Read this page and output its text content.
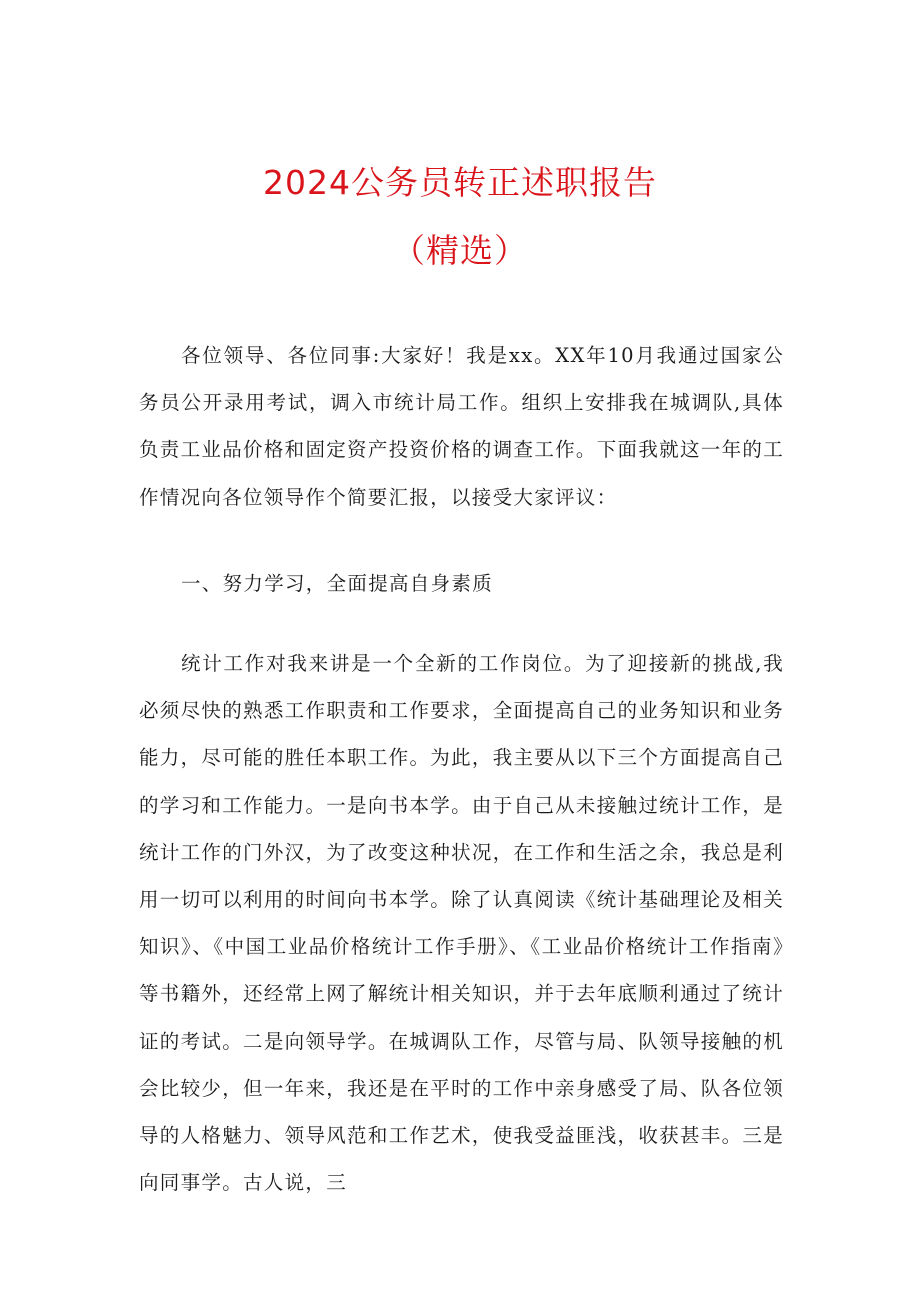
2024公务员转正述职报告
（精选）

各位领导、各位同事:大家好！我是xx。XX年10月我通过国家公务员公开录用考试，调入市统计局工作。组织上安排我在城调队,具体负责工业品价格和固定资产投资价格的调查工作。下面我就这一年的工作情况向各位领导作个简要汇报，以接受大家评议：

一、努力学习，全面提高自身素质

统计工作对我来讲是一个全新的工作岗位。为了迎接新的挑战,我必须尽快的熟悉工作职责和工作要求，全面提高自己的业务知识和业务能力，尽可能的胜任本职工作。为此，我主要从以下三个方面提高自己的学习和工作能力。一是向书本学。由于自己从未接触过统计工作，是统计工作的门外汉，为了改变这种状况，在工作和生活之余，我总是利用一切可以利用的时间向书本学。除了认真阅读《统计基础理论及相关知识》、《中国工业品价格统计工作手册》、《工业品价格统计工作指南》等书籍外，还经常上网了解统计相关知识，并于去年底顺利通过了统计证的考试。二是向领导学。在城调队工作，尽管与局、队领导接触的机会比较少，但一年来，我还是在平时的工作中亲身感受了局、队各位领导的人格魅力、领导风范和工作艺术，使我受益匪浅，收获甚丰。三是向同事学。古人说，三
